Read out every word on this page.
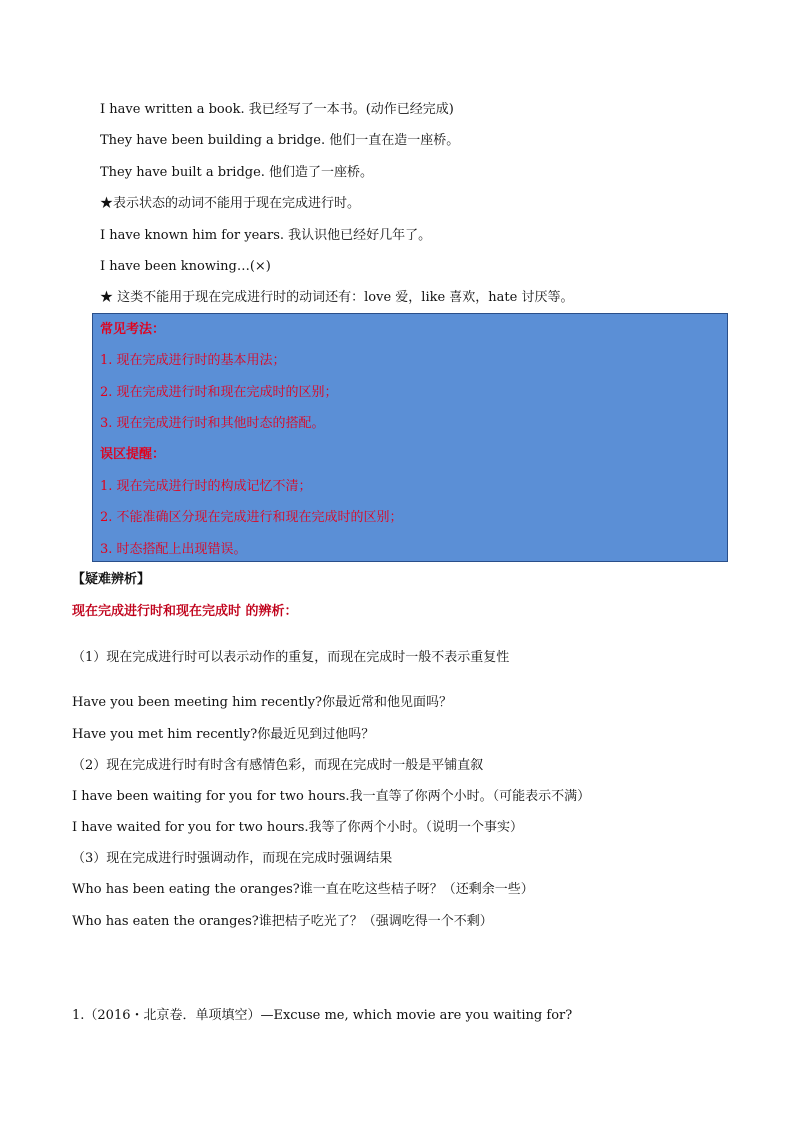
I have written a book. 我已经写了一本书。(动作已经完成)
They have been building a bridge. 他们一直在造一座桥。
They have built a bridge. 他们造了一座桥。
★表示状态的动词不能用于现在完成进行时。
I have known him for years. 我认识他已经好几年了。
I have been knowing…(×)
★ 这类不能用于现在完成进行时的动词还有：love 爱，like 喜欢，hate 讨厌等。
常见考法：
1. 现在完成进行时的基本用法；
2. 现在完成进行时和现在完成时的区别；
3. 现在完成进行时和其他时态的搭配。
误区提醒：
1. 现在完成进行时的构成记忆不清；
2. 不能准确区分现在完成进行和现在完成时的区别；
3. 时态搭配上出现错误。
【疑难辨析】
现在完成进行时和现在完成时 的辨析：
（1）现在完成进行时可以表示动作的重复，而现在完成时一般不表示重复性
Have you been meeting him recently?你最近常和他见面吗？
Have you met him recently?你最近见到过他吗？
（2）现在完成进行时有时含有感情色彩，而现在完成时一般是平铺直叙
I have been waiting for you for two hours.我一直等了你两个小时。（可能表示不满）
I have waited for you for two hours.我等了你两个小时。（说明一个事实）
（3）现在完成进行时强调动作，而现在完成时强调结果
Who has been eating the oranges?谁一直在吃这些桔子呀？（还剩余一些）
Who has eaten the oranges?谁把桔子吃光了？（强调吃得一个不剩）
1.（2016・北京卷．单项填空）—Excuse me, which movie are you waiting for?
